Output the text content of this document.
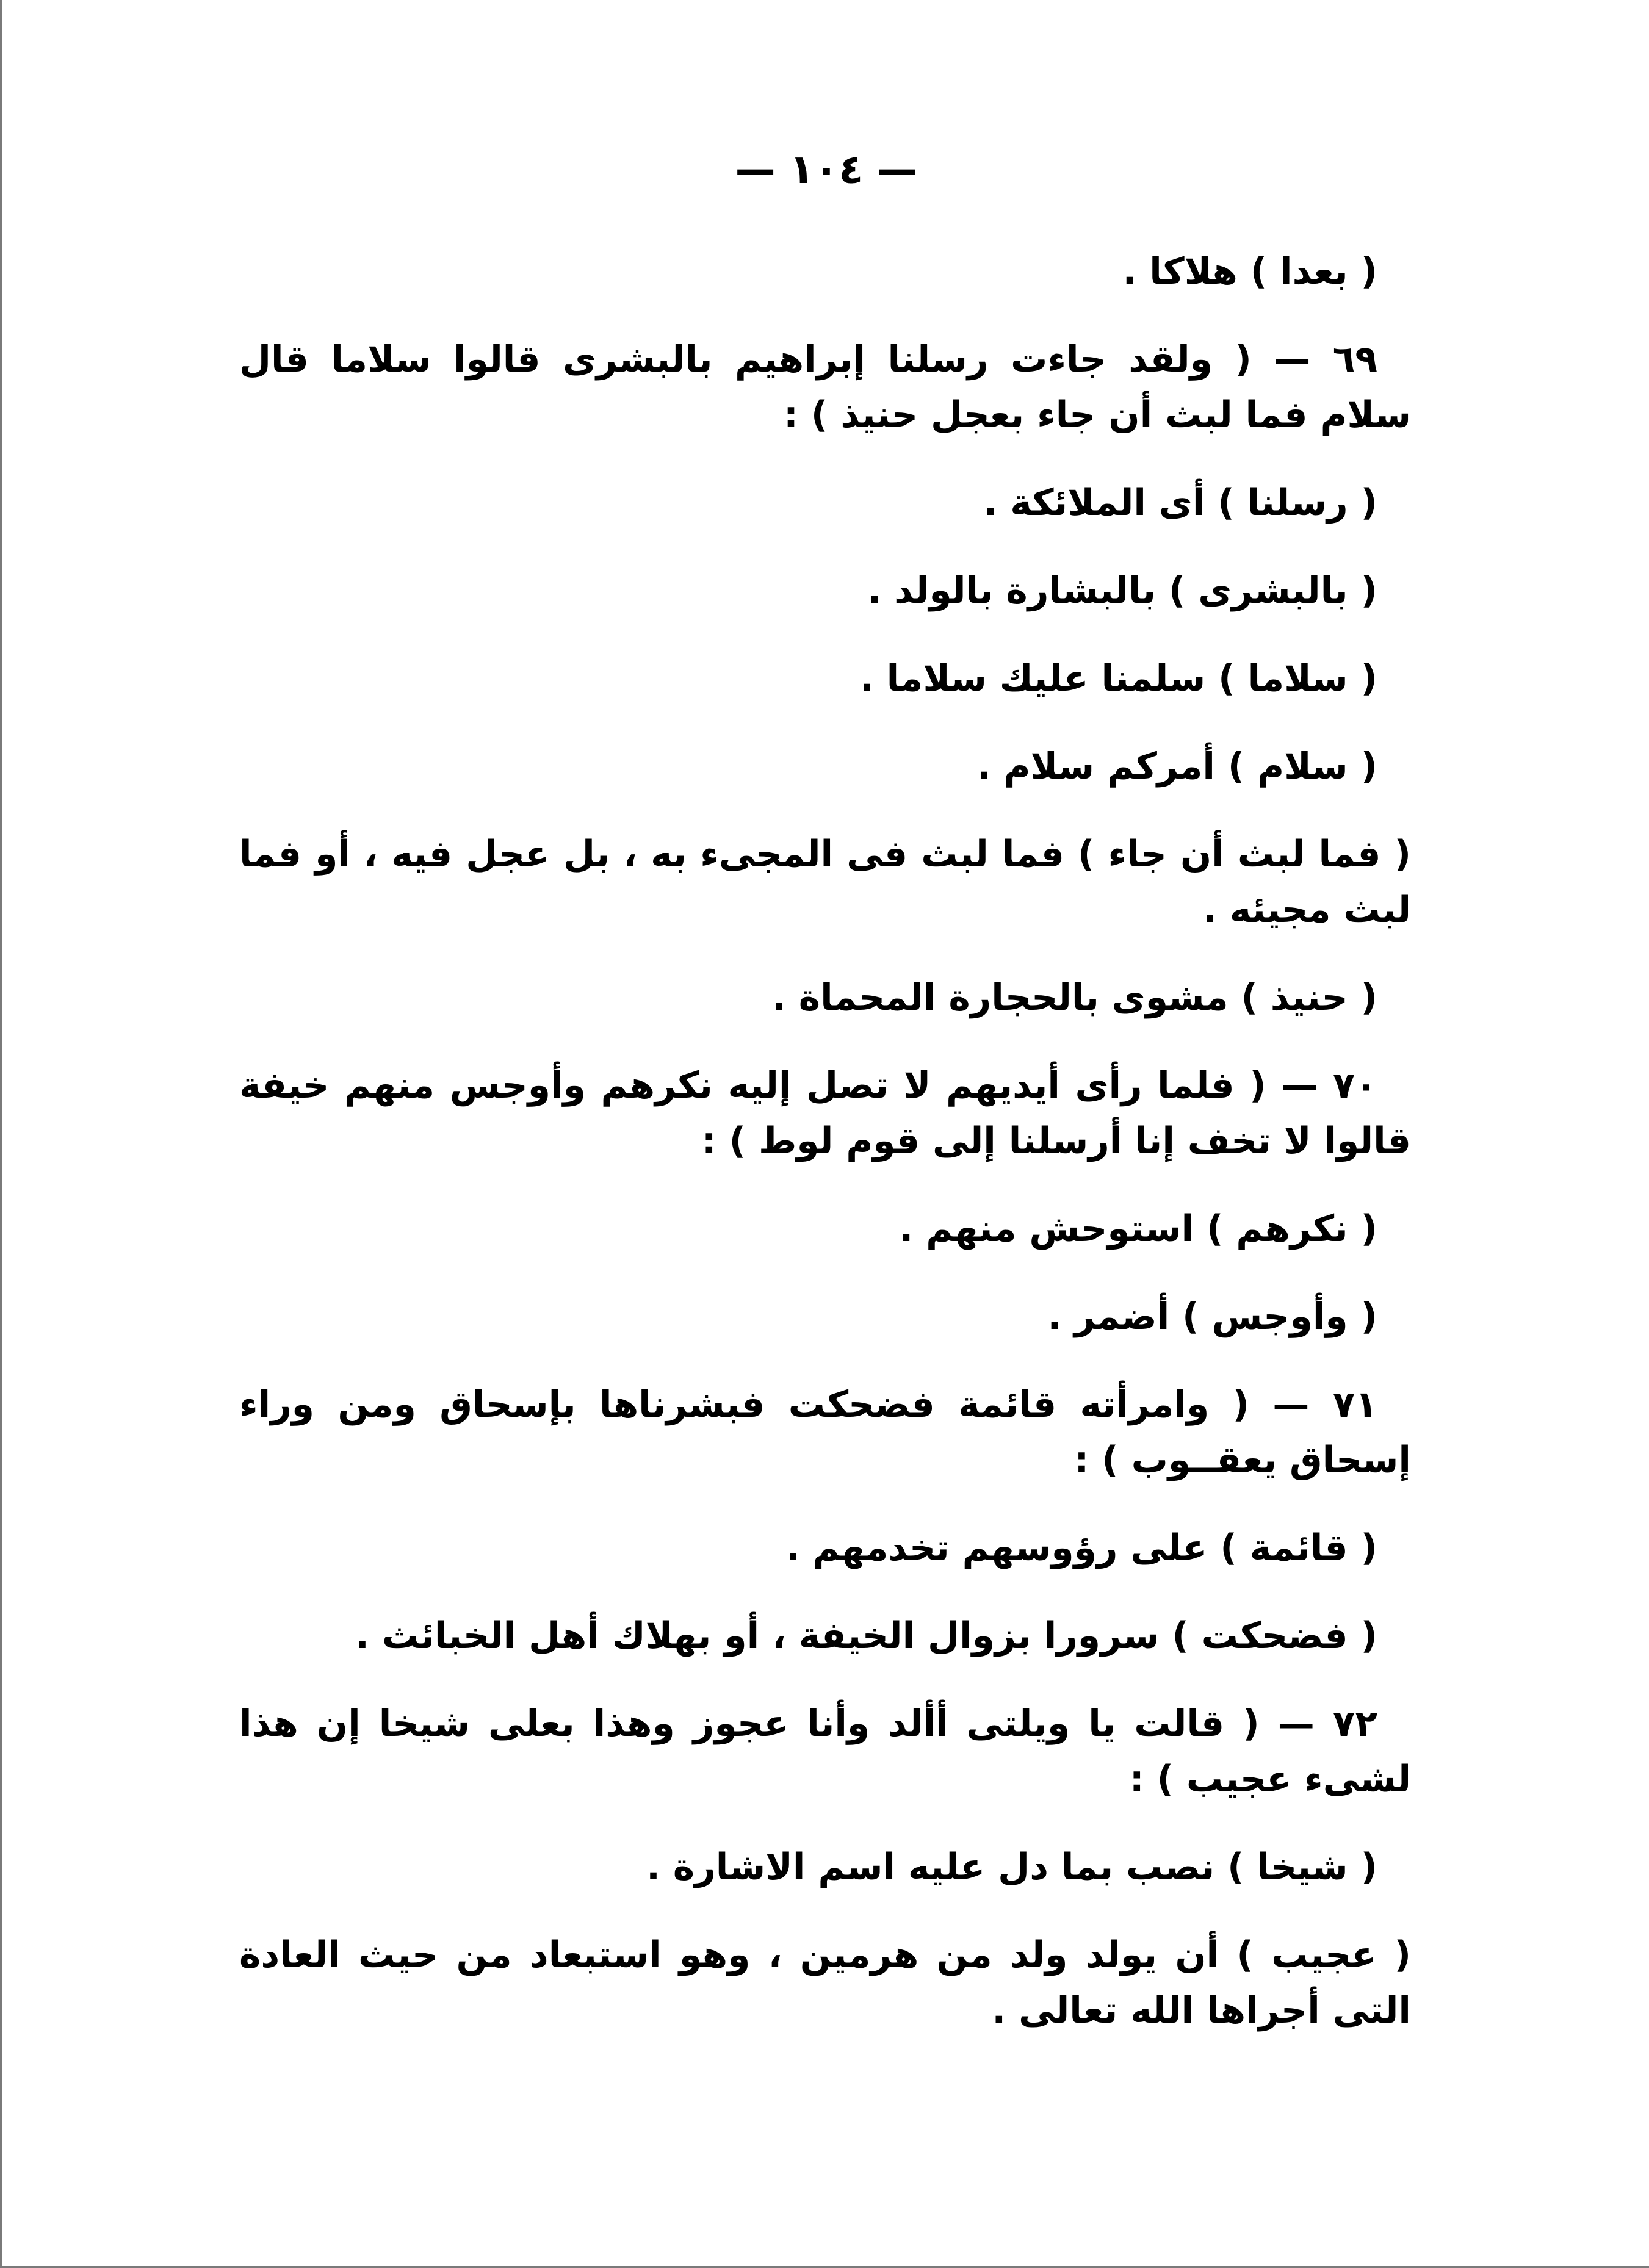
— ١٠٤ —

( بعدا ) هلاكا .

٦٩ — ( ولقد جاءت رسلنا إبراهيم بالبشرى قالوا سلاما قال سلام فما لبث أن جاء بعجل حنيذ ) :

( رسلنا ) أى الملائكة .

( بالبشرى ) بالبشارة بالولد .

( سلاما ) سلمنا عليك سلاما .

( سلام ) أمركم سلام .

( فما لبث أن جاء ) فما لبث فى المجىء به ، بل عجل فيه ، أو فما لبث مجيئه .

( حنيذ ) مشوى بالحجارة المحماة .

٧٠ — ( فلما رأى أيديهم لا تصل إليه نكرهم وأوجس منهم خيفة قالوا لا تخف إنا أرسلنا إلى قوم لوط ) :

( نكرهم ) استوحش منهم .

( وأوجس ) أضمر .

٧١ — ( وامرأته قائمة فضحكت فبشرناها بإسحاق ومن وراء إسحاق يعقــوب ) :

( قائمة ) على رؤوسهم تخدمهم .

( فضحكت ) سرورا بزوال الخيفة ، أو بهلاك أهل الخبائث .

٧٢ — ( قالت يا ويلتى أألد وأنا عجوز وهذا بعلى شيخا إن هذا لشىء عجيب ) :

( شيخا ) نصب بما دل عليه اسم الاشارة .

( عجيب ) أن يولد ولد من هرمين ، وهو استبعاد من حيث العادة التى أجراها الله تعالى .
